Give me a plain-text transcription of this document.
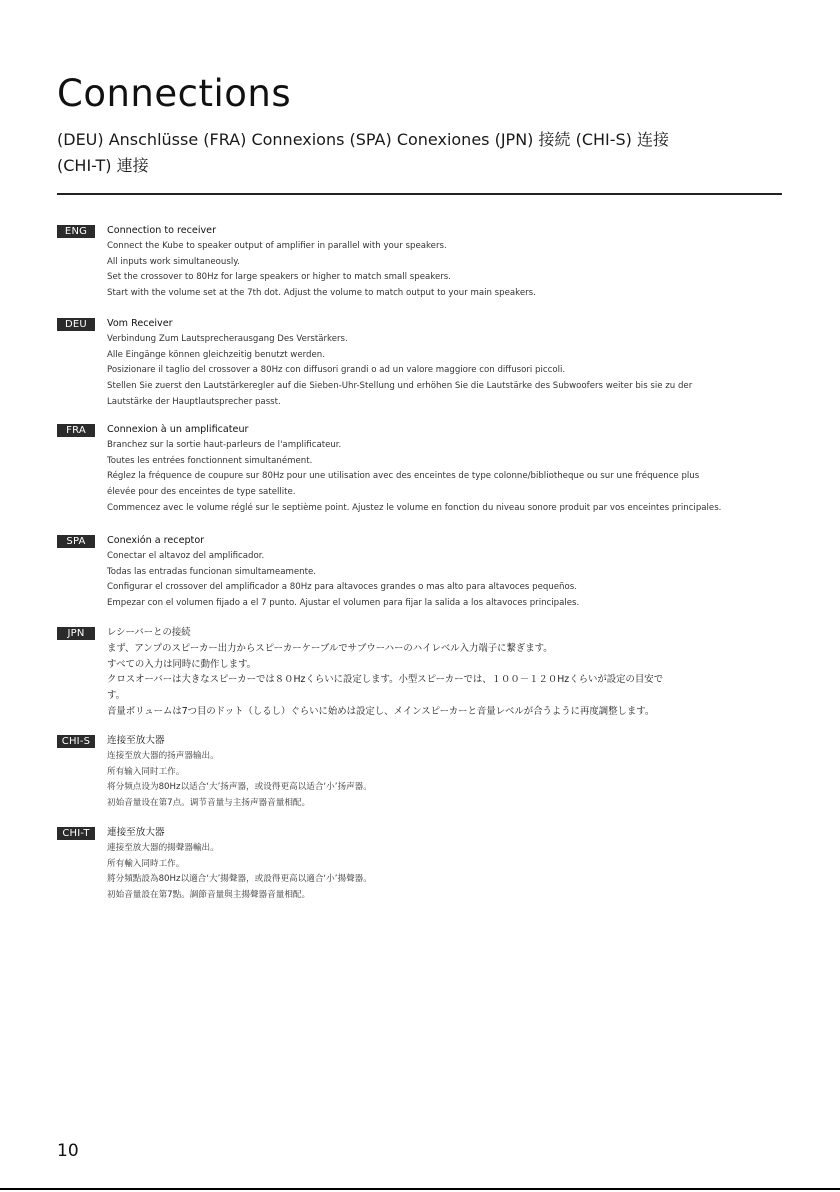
Connections
(DEU) Anschlüsse (FRA) Connexions (SPA) Conexiones (JPN) 接続 (CHI-S) 连接
(CHI-T) 連接
ENG	Connection to receiver
Connect the Kube to speaker output of amplifier in parallel with your speakers.
All inputs work simultaneously.
Set the crossover to 80Hz for large speakers or higher to match small speakers.
Start with the volume set at the 7th dot. Adjust the volume to match output to your main speakers.
DEU	Vom Receiver
Verbindung Zum Lautsprecherausgang Des Verstärkers.
Alle Eingänge können gleichzeitig benutzt werden.
Posizionare il taglio del crossover a 80Hz con diffusori grandi o ad un valore maggiore con diffusori piccoli.
Stellen Sie zuerst den Lautstärkeregler auf die Sieben-Uhr-Stellung und erhöhen Sie die Lautstärke des Subwoofers weiter bis sie zu der
Lautstärke der Hauptlautsprecher passt.
FRA	Connexion à un amplificateur
Branchez sur la sortie haut-parleurs de l'amplificateur.
Toutes les entrées fonctionnent simultanément.
Réglez la fréquence de coupure sur 80Hz pour une utilisation avec des enceintes de type colonne/bibliotheque ou sur une fréquence plus
élevée pour des enceintes de type satellite.
Commencez avec le volume réglé sur le septième point. Ajustez le volume en fonction du niveau sonore produit par vos enceintes principales.
SPA	Conexión a receptor
Conectar el altavoz del amplificador.
Todas las entradas funcionan simultameamente.
Configurar el crossover del amplificador a 80Hz para altavoces grandes o mas alto para altavoces pequeños.
Empezar con el volumen fijado a el 7 punto. Ajustar el volumen para fijar la salida a los altavoces principales.
JPN	レシーバーとの接続
まず、アンプのスピーカー出力からスピーカーケーブルでサブウーハーのハイレベル入力端子に繋ぎます。
すべての入力は同時に動作します。
クロスオーバーは大きなスピーカーでは８０Hzくらいに設定します。小型スピーカーでは、１００－１２０Hzくらいが設定の目安で
す。
音量ボリュームは7つ目のドット（しるし）ぐらいに始めは設定し、メインスピーカーと音量レベルが合うように再度調整します。
CHI-S	连接至放大器
连接至放大器的扬声器输出。
所有输入同时工作。
将分频点设为80Hz以适合‘大’扬声器，或设得更高以适合‘小’扬声器。
初始音量设在第7点。调节音量与主扬声器音量相配。
CHI-T	連接至放大器
連接至放大器的揚聲器輸出。
所有輸入同時工作。
將分頻點設為80Hz以適合‘大’揚聲器，或設得更高以適合‘小’揚聲器。
初始音量設在第7點。調節音量與主揚聲器音量相配。
10
